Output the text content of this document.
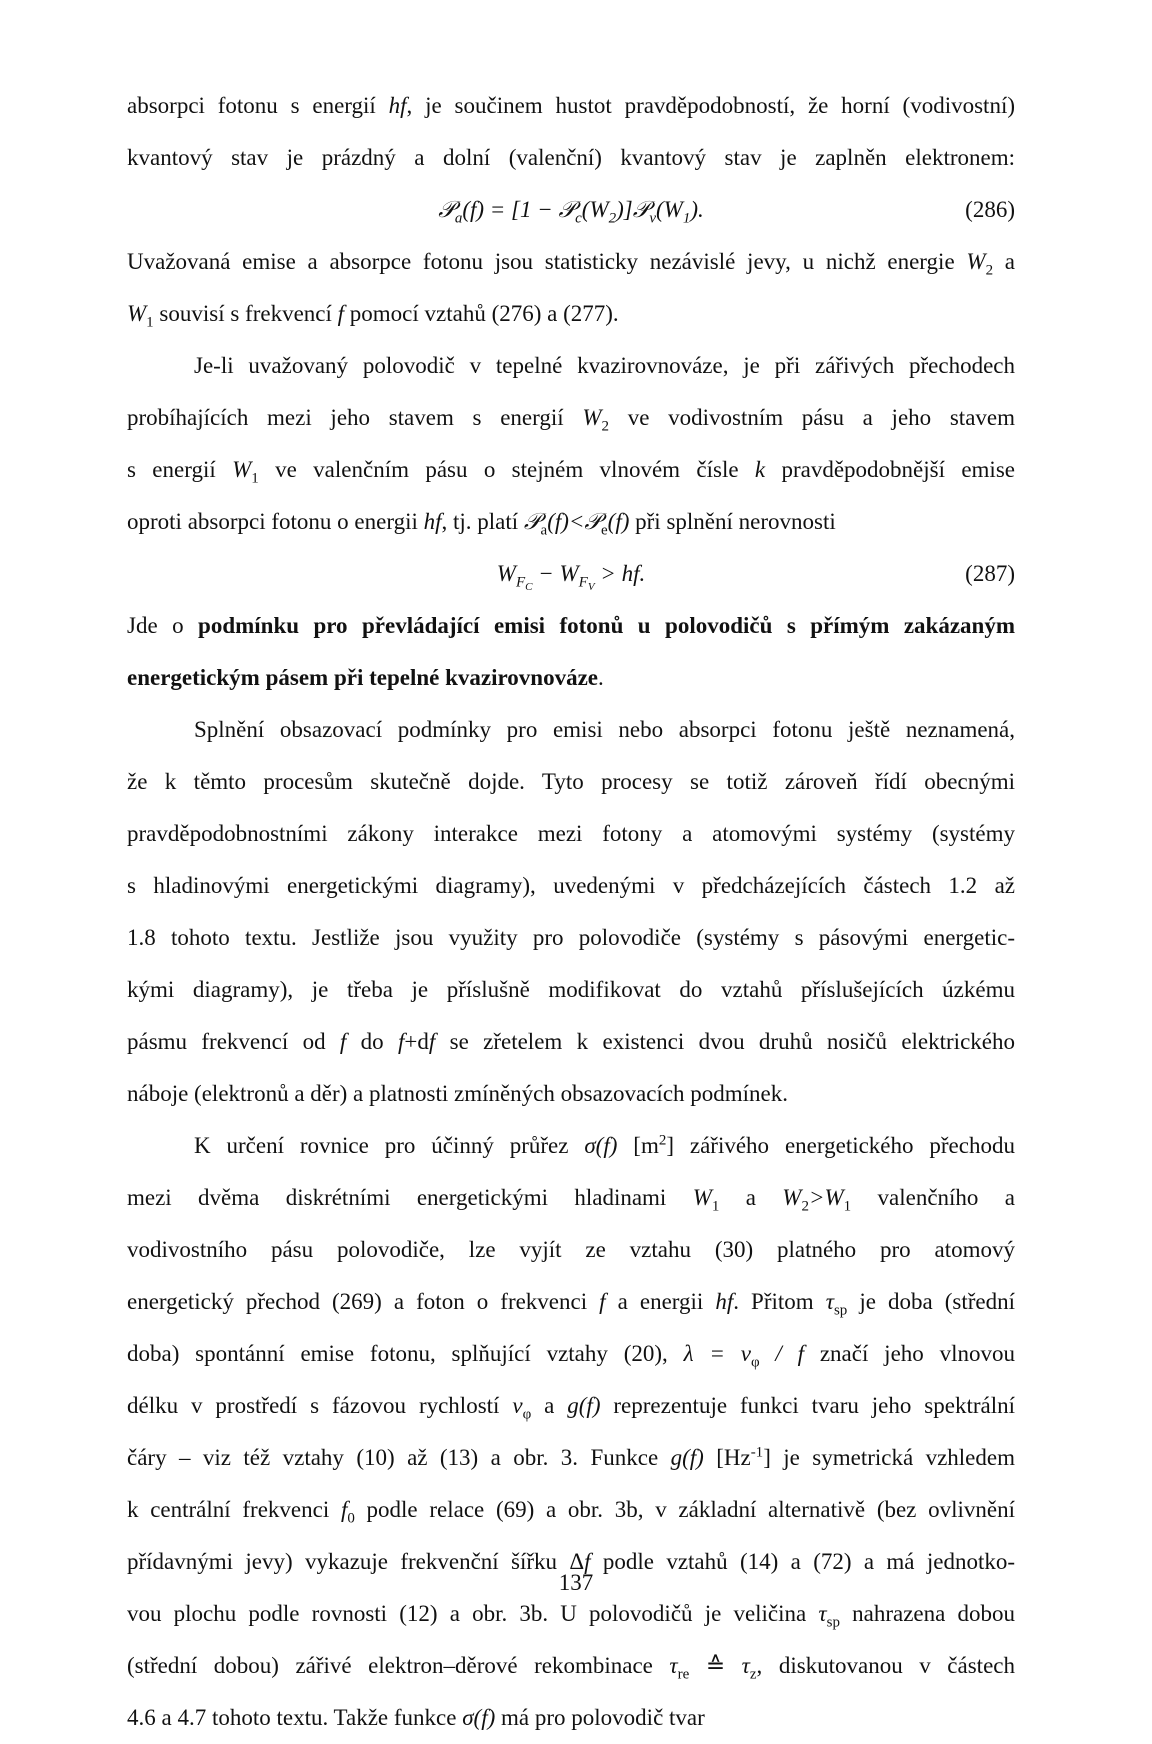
absorpci fotonu s energií hf, je součinem hustot pravděpodobností, že horní (vodivostní)
kvantový stav je prázdný a dolní (valenční) kvantový stav je zaplněn elektronem:
𝒫$_a$(f) = $[1 - 𝒫_c(W_2)]𝒫_v(W_1)$.	(286)
Uvažovaná emise a absorpce fotonu jsou statisticky nezávislé jevy, u nichž energie $W_2$ a
$W_1$ souvisí s frekvencí f pomocí vztahů (276) a (277).
Je-li uvažovaný polovodič v tepelné kvazirovnováze, je při zářivých přechodech
probíhajících mezi jeho stavem s energií $W_2$ ve vodivostním pásu a jeho stavem
s energií $W_1$ ve valenčním pásu o stejném vlnovém čísle k pravděpodobnější emise
oproti absorpci fotonu o energii hf, tj. platí 𝒫$_a$(f)<𝒫$_e$(f) při splnění nerovnosti
$W_{FC} - W_{FV}$ > hf.	(287)
Jde o podmínku pro převládající emisi fotonů u polovodičů s přímým zakázaným
energetickým pásem při tepelné kvazirovnováze.
Splnění obsazovací podmínky pro emisi nebo absorpci fotonu ještě neznamená,
že k těmto procesům skutečně dojde. Tyto procesy se totiž zároveň řídí obecnými
pravděpodobnostními zákony interakce mezi fotony a atomovými systémy (systémy
s hladinovými energetickými diagramy), uvedenými v předcházejících částech 1.2 až
1.8 tohoto textu. Jestliže jsou využity pro polovodiče (systémy s pásovými energetic-
kými diagramy), je třeba je příslušně modifikovat do vztahů příslušejících úzkému
pásmu frekvencí od f do f+df se zřetelem k existenci dvou druhů nosičů elektrického
náboje (elektronů a děr) a platnosti zmíněných obsazovacích podmínek.
K určení rovnice pro účinný průřez σ(f) $[m^2]$ zářivého energetického přechodu
mezi dvěma diskrétními energetickými hladinami $W_1$ a $W_2>W_1$ valenčního a
vodivostního pásu polovodiče, lze vyjít ze vztahu (30) platného pro atomový
energetický přechod (269) a foton o frekvenci f a energii hf. Přitom $\tau_{sp}$ je doba (střední
doba) spontánní emise fotonu, splňující vztahy (20), $\lambda = v_\varphi / f$ značí jeho vlnovou
délku v prostředí s fázovou rychlostí $v_\varphi$ a g(f) reprezentuje funkci tvaru jeho spektrální
čáry – viz též vztahy (10) až (13) a obr. 3. Funkce g(f) $[Hz^{-1}]$ je symetrická vzhledem
k centrální frekvenci $f_0$ podle relace (69) a obr. 3b, v základní alternativě (bez ovlivnění
přídavnými jevy) vykazuje frekvenční šířku Δf podle vztahů (14) a (72) a má jednotko-
vou plochu podle rovnosti (12) a obr. 3b. U polovodičů je veličina $\tau_{sp}$ nahrazena dobou
(střední dobou) zářivé elektron–děrové rekombinace $\tau_{re}$ ≙ $\tau_z$, diskutovanou v částech
4.6 a 4.7 tohoto textu. Takže funkce σ(f) má pro polovodič tvar
137
